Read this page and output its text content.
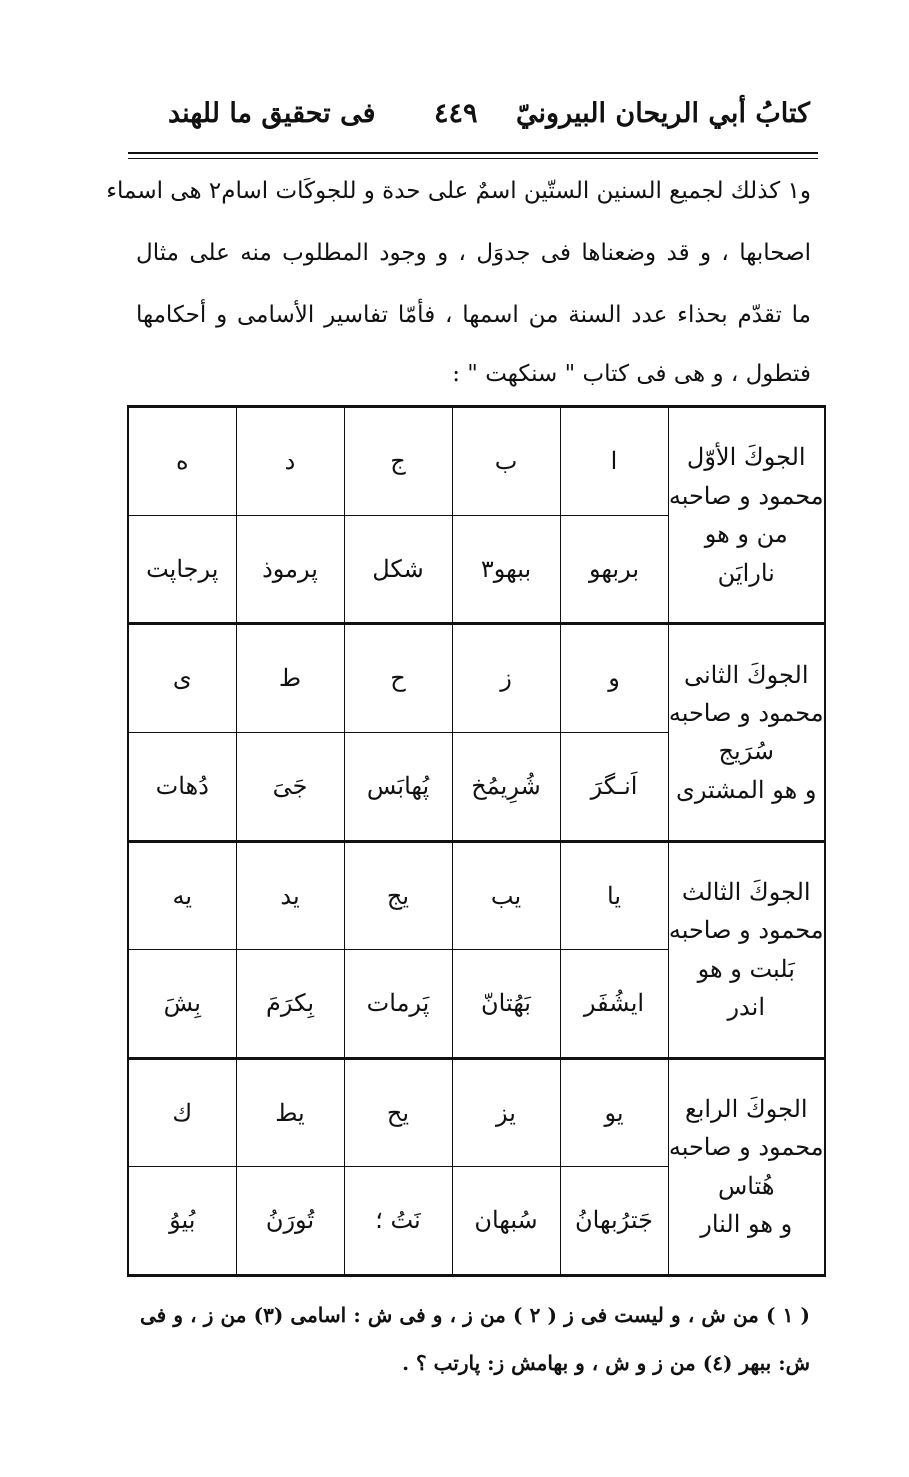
كتابُ أبي الريحان البيرونيّ
٤٤٩
فى تحقيق ما للهند
و١ كذلك لجميع السنين الستّين اسمٌ على حدة و للجوكَات اسام٢ هى اسماء
اصحابها ، و قد وضعناها فى جدوَل ، و وجود المطلوب منه على مثال
ما تقدّم بحذاء عدد السنة من اسمها ، فأمّا تفاسير الأسامى و أحكامها
فتطول ، و هى فى كتاب " سنكهت " :
الجوكَ الأوّل
محمود و صاحبه
من و هو
نارايَن	ا	ب	ج	د	ه
	بربهو	ببهو٣	شكل	پرموذ	پرجاپت

الجوكَ الثانى
محمود و صاحبه
سُرَيج
و هو المشترى	و	ز	ح	ط	ى
	اَنـگرَ	شُرِيمُخ	پُهابَس	جَىَ	دُهات

الجوكَ الثالث
محمود و صاحبه
بَلبت و هو
اندر	يا	يب	يج	يد	يه
	ايشُفَر	بَهُتانّ	پَرمات	بِكرَمَ	بِشَ

الجوكَ الرابع
محمود و صاحبه
هُتاس
و هو النار	يو	يز	يح	يط	ك
	جَترُبهانُ	سُبهان	نَتُ ؛	تُورَنُ	بُيوُ
( ١ ) من ش ، و ليست فى ز ( ٢ ) من ز ، و فى ش : اسامى (٣) من ز ، و فى
ش: ببهر (٤) من ز و ش ، و بهامش ز: پارتب ؟ .
